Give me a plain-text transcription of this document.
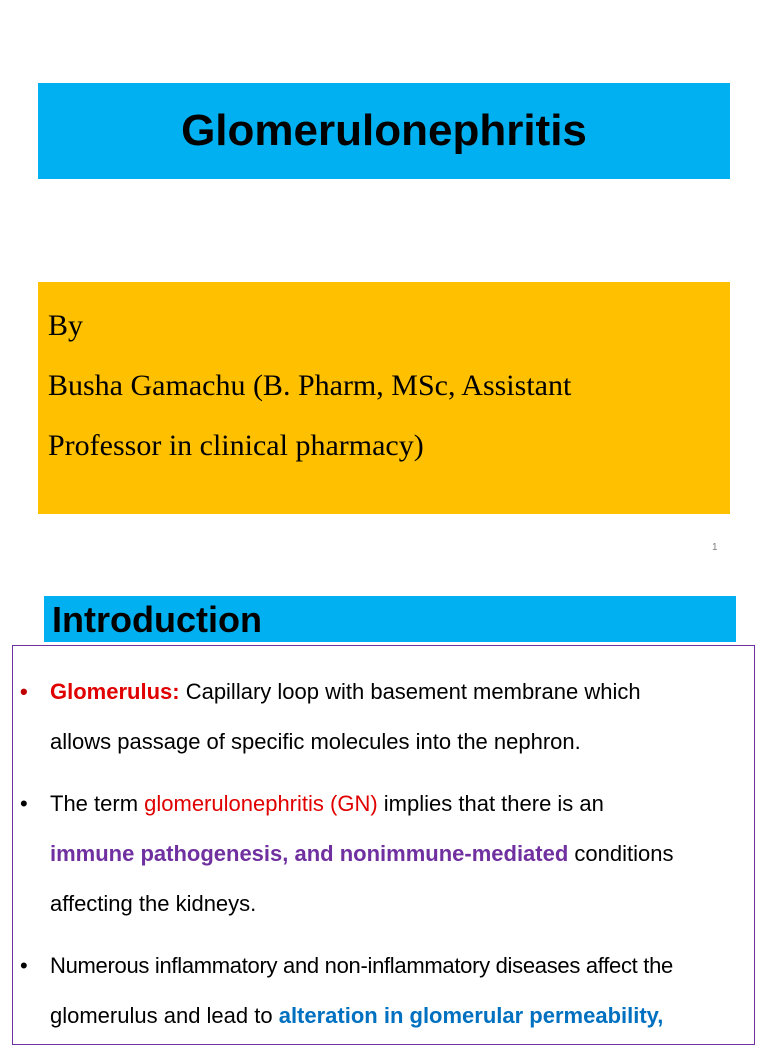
Glomerulonephritis
By
Busha Gamachu (B. Pharm, MSc, Assistant
Professor in clinical pharmacy)
1
Introduction
• Glomerulus: Capillary loop with basement membrane which
allows passage of specific molecules into the nephron.
• The term glomerulonephritis (GN) implies that there is an
immune pathogenesis, and nonimmune-mediated conditions
affecting the kidneys.
• Numerous inflammatory and non-inflammatory diseases affect the
glomerulus and lead to alteration in glomerular permeability,
